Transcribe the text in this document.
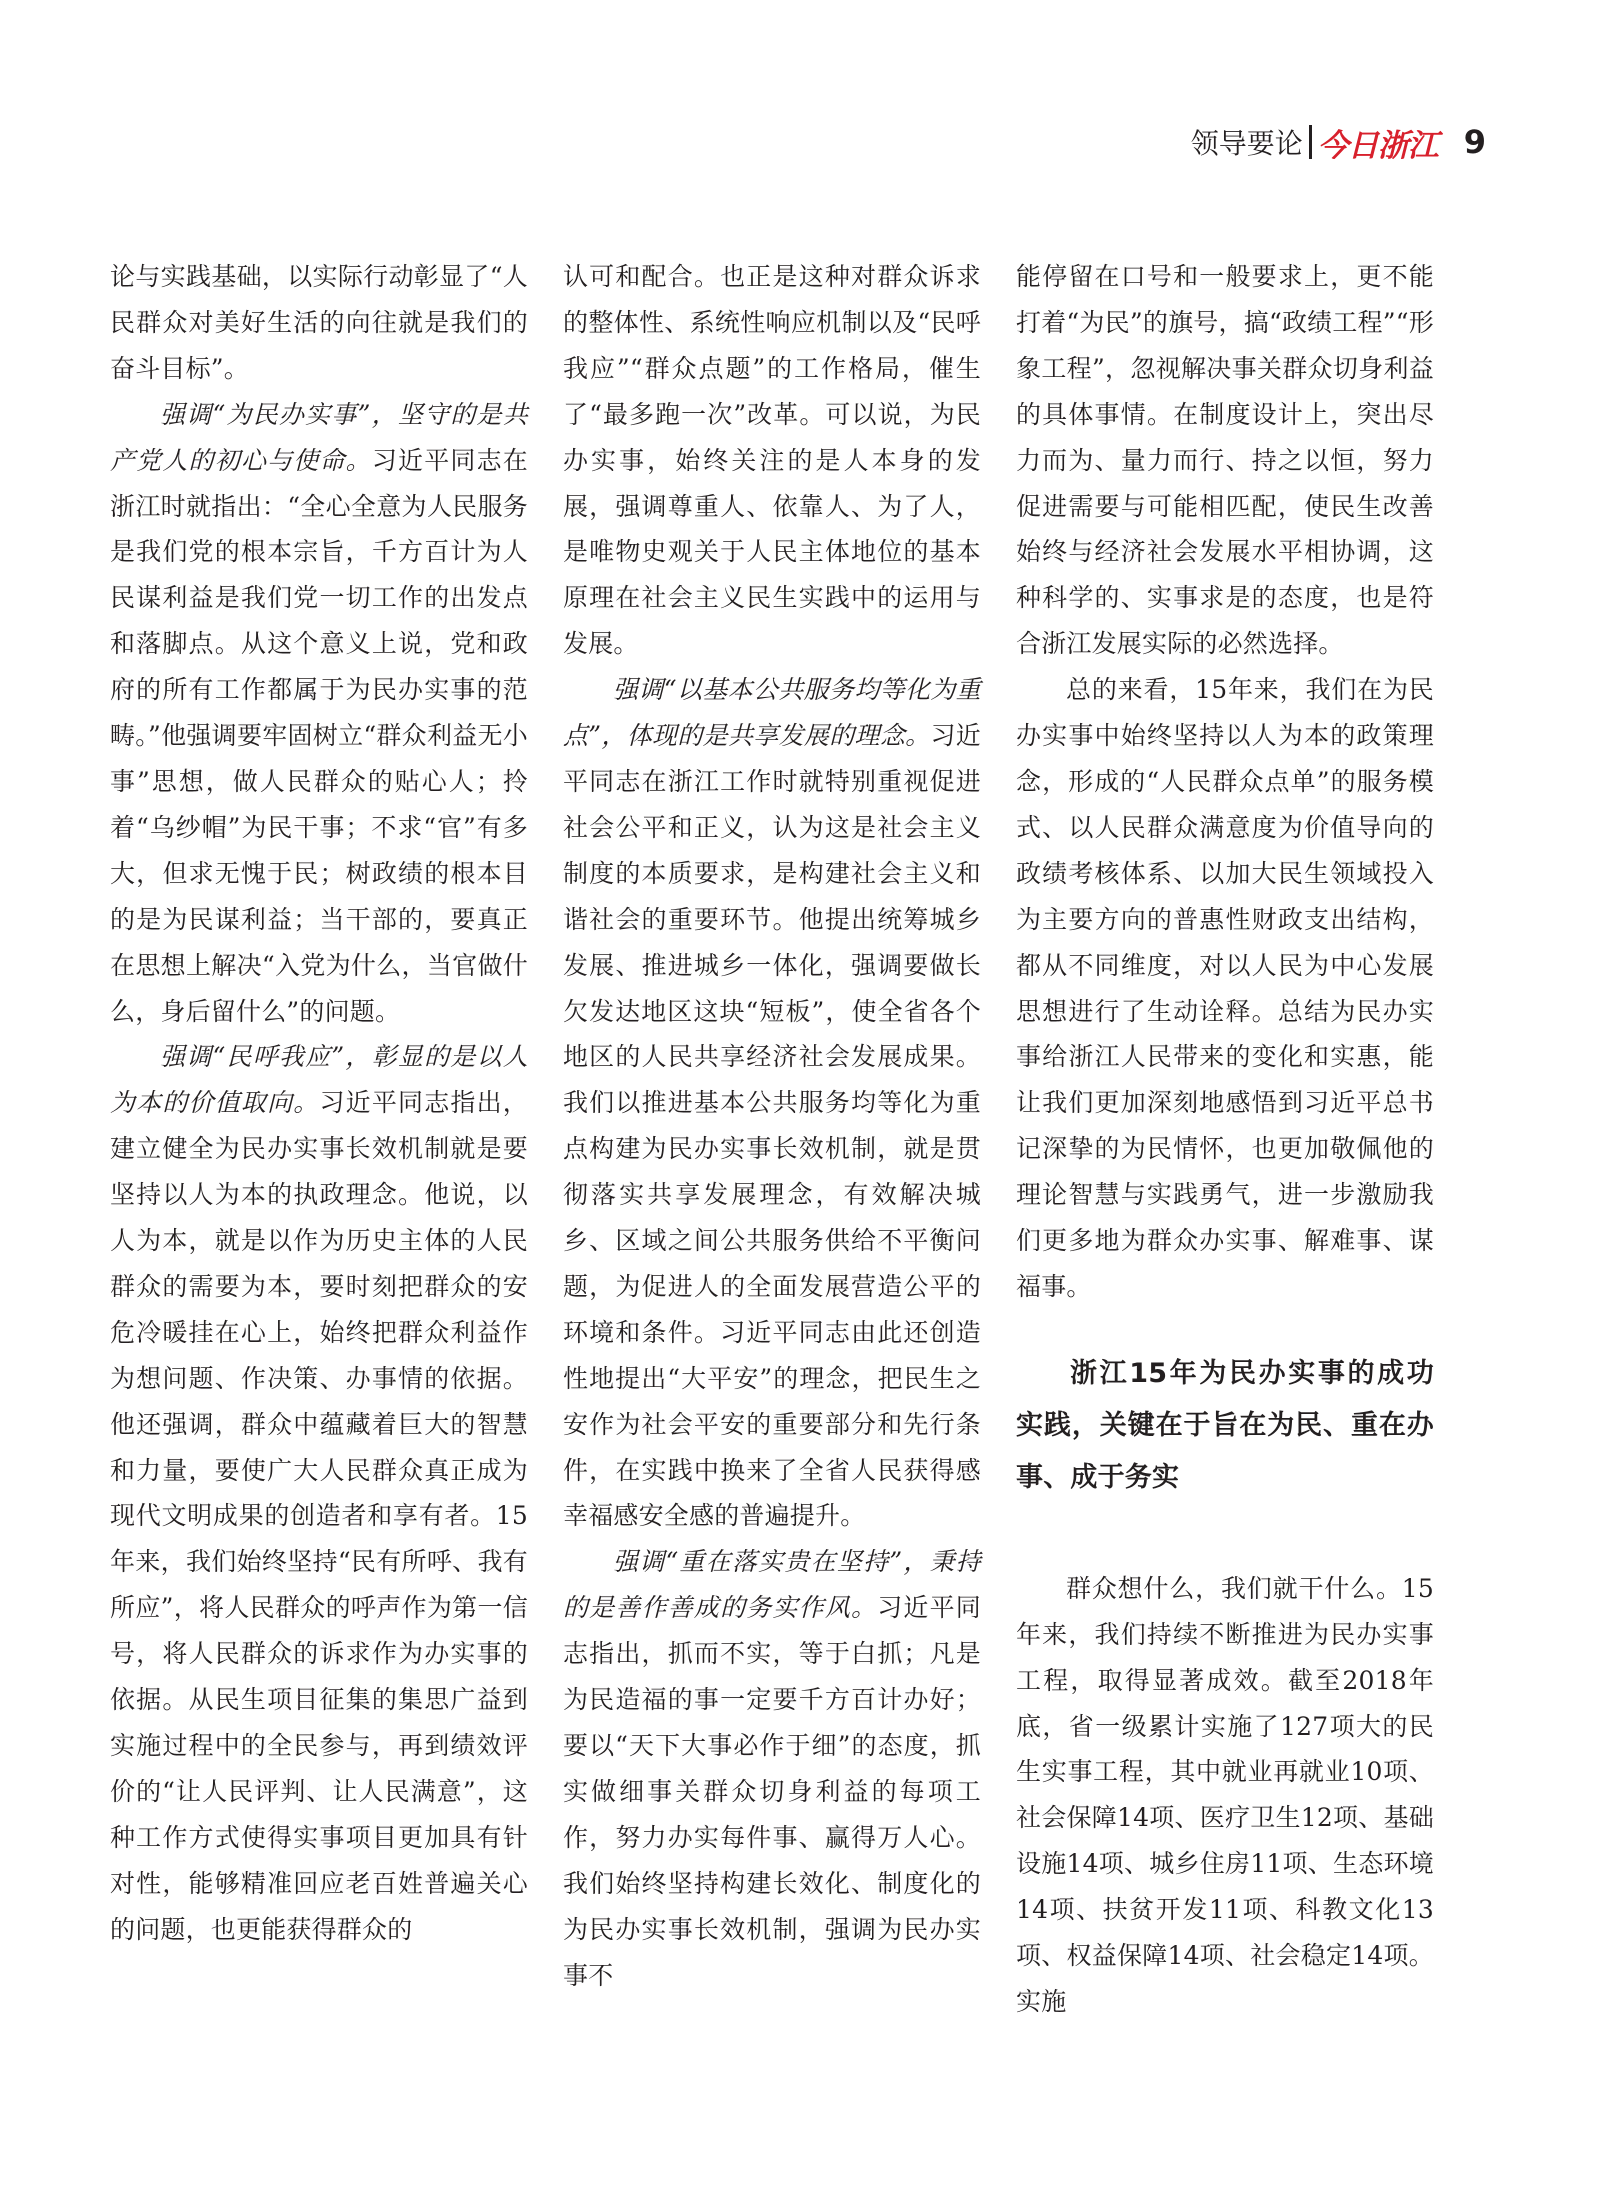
领导要论 今日浙江 9

论与实践基础，以实际行动彰显了“人民群众对美好生活的向往就是我们的奋斗目标”。

强调“为民办实事”，坚守的是共产党人的初心与使命。习近平同志在浙江时就指出：“全心全意为人民服务是我们党的根本宗旨，千方百计为人民谋利益是我们党一切工作的出发点和落脚点。从这个意义上说，党和政府的所有工作都属于为民办实事的范畴。”他强调要牢固树立“群众利益无小事”思想，做人民群众的贴心人；拎着“乌纱帽”为民干事；不求“官”有多大，但求无愧于民；树政绩的根本目的是为民谋利益；当干部的，要真正在思想上解决“入党为什么，当官做什么，身后留什么”的问题。

强调“民呼我应”，彰显的是以人为本的价值取向。习近平同志指出，建立健全为民办实事长效机制就是要坚持以人为本的执政理念。他说，以人为本，就是以作为历史主体的人民群众的需要为本，要时刻把群众的安危冷暖挂在心上，始终把群众利益作为想问题、作决策、办事情的依据。他还强调，群众中蕴藏着巨大的智慧和力量，要使广大人民群众真正成为现代文明成果的创造者和享有者。15年来，我们始终坚持“民有所呼、我有所应”，将人民群众的呼声作为第一信号，将人民群众的诉求作为办实事的依据。从民生项目征集的集思广益到实施过程中的全民参与，再到绩效评价的“让人民评判、让人民满意”，这种工作方式使得实事项目更加具有针对性，能够精准回应老百姓普遍关心的问题，也更能获得群众的

认可和配合。也正是这种对群众诉求的整体性、系统性响应机制以及“民呼我应”“群众点题”的工作格局，催生了“最多跑一次”改革。可以说，为民办实事，始终关注的是人本身的发展，强调尊重人、依靠人、为了人，是唯物史观关于人民主体地位的基本原理在社会主义民生实践中的运用与发展。

强调“以基本公共服务均等化为重点”，体现的是共享发展的理念。习近平同志在浙江工作时就特别重视促进社会公平和正义，认为这是社会主义制度的本质要求，是构建社会主义和谐社会的重要环节。他提出统筹城乡发展、推进城乡一体化，强调要做长欠发达地区这块“短板”，使全省各个地区的人民共享经济社会发展成果。我们以推进基本公共服务均等化为重点构建为民办实事长效机制，就是贯彻落实共享发展理念，有效解决城乡、区域之间公共服务供给不平衡问题，为促进人的全面发展营造公平的环境和条件。习近平同志由此还创造性地提出“大平安”的理念，把民生之安作为社会平安的重要部分和先行条件，在实践中换来了全省人民获得感幸福感安全感的普遍提升。

强调“重在落实贵在坚持”，秉持的是善作善成的务实作风。习近平同志指出，抓而不实，等于白抓；凡是为民造福的事一定要千方百计办好；要以“天下大事必作于细”的态度，抓实做细事关群众切身利益的每项工作，努力办实每件事、赢得万人心。我们始终坚持构建长效化、制度化的为民办实事长效机制，强调为民办实事不

能停留在口号和一般要求上，更不能打着“为民”的旗号，搞“政绩工程”“形象工程”，忽视解决事关群众切身利益的具体事情。在制度设计上，突出尽力而为、量力而行、持之以恒，努力促进需要与可能相匹配，使民生改善始终与经济社会发展水平相协调，这种科学的、实事求是的态度，也是符合浙江发展实际的必然选择。

总的来看，15年来，我们在为民办实事中始终坚持以人为本的政策理念，形成的“人民群众点单”的服务模式、以人民群众满意度为价值导向的政绩考核体系、以加大民生领域投入为主要方向的普惠性财政支出结构，都从不同维度，对以人民为中心发展思想进行了生动诠释。总结为民办实事给浙江人民带来的变化和实惠，能让我们更加深刻地感悟到习近平总书记深挚的为民情怀，也更加敬佩他的理论智慧与实践勇气，进一步激励我们更多地为群众办实事、解难事、谋福事。

浙江15年为民办实事的成功实践，关键在于旨在为民、重在办事、成于务实

群众想什么，我们就干什么。15年来，我们持续不断推进为民办实事工程，取得显著成效。截至2018年底，省一级累计实施了127项大的民生实事工程，其中就业再就业10项、社会保障14项、医疗卫生12项、基础设施14项、城乡住房11项、生态环境14项、扶贫开发11项、科教文化13项、权益保障14项、社会稳定14项。实施
